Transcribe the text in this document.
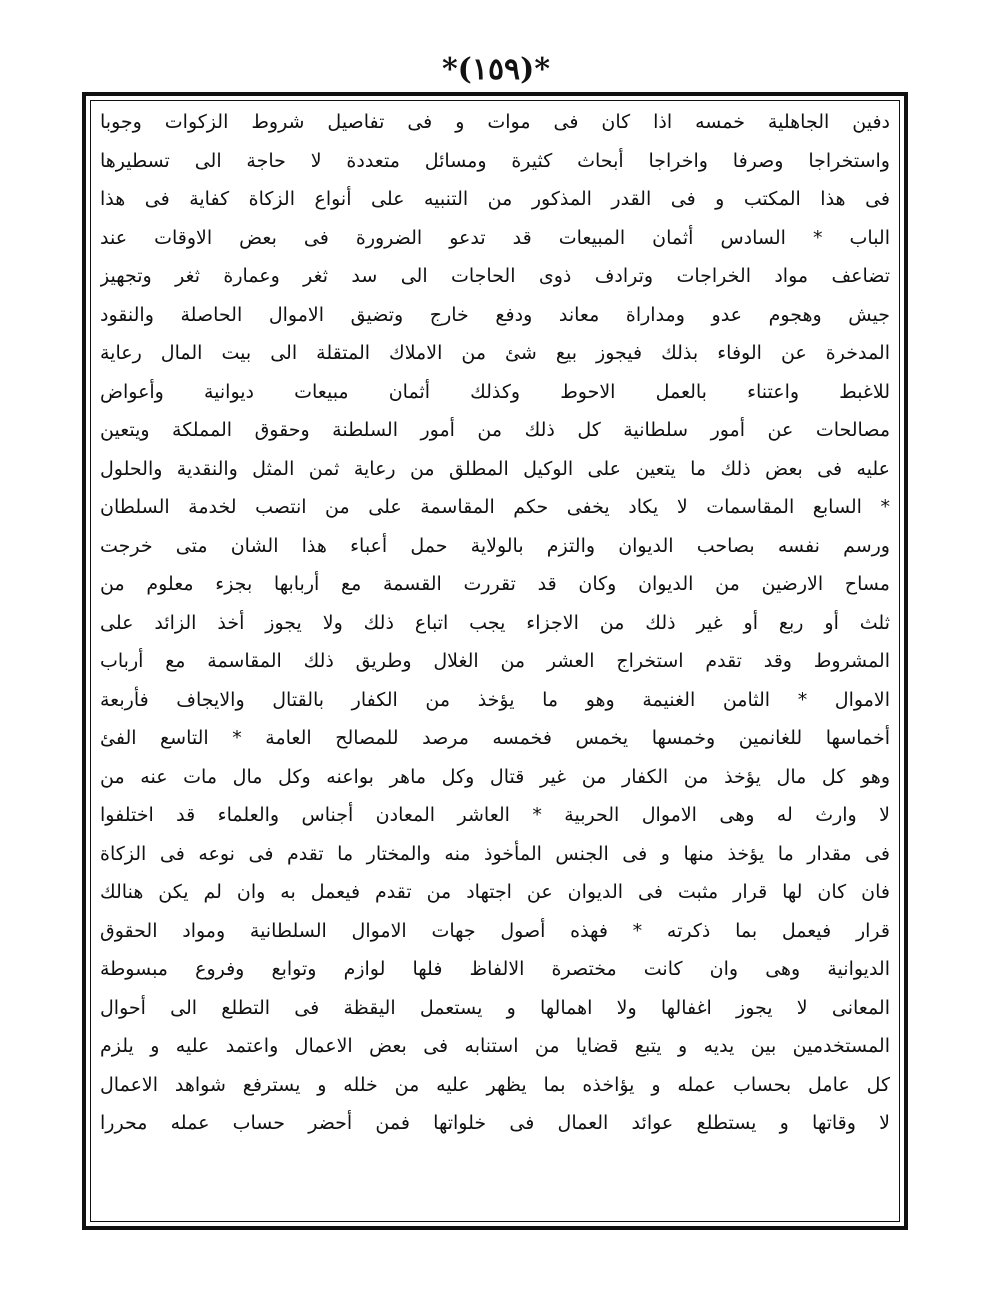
*(١٥٩)*
دفين الجاهلية خمسه اذا كان فى موات و فى تفاصيل شروط الزكوات وجوبا
واستخراجا وصرفا واخراجا أبحاث كثيرة ومسائل متعددة لا حاجة الى تسطيرها
فى هذا المكتب و فى القدر المذكور من التنبيه على أنواع الزكاة كفاية فى هذا
الباب * السادس أثمان المبيعات قد تدعو الضرورة فى بعض الاوقات عند
تضاعف مواد الخراجات وترادف ذوى الحاجات الى سد ثغر وعمارة ثغر وتجهيز
جيش وهجوم عدو ومداراة معاند ودفع خارج وتضيق الاموال الحاصلة والنقود
المدخرة عن الوفاء بذلك فيجوز بيع شئ من الاملاك المتقلة الى بيت المال رعاية
للاغبط واعتناء بالعمل الاحوط وكذلك أثمان مبيعات ديوانية وأعواض
مصالحات عن أمور سلطانية كل ذلك من أمور السلطنة وحقوق المملكة ويتعين
عليه فى بعض ذلك ما يتعين على الوكيل المطلق من رعاية ثمن المثل والنقدية والحلول
* السابع المقاسمات لا يكاد يخفى حكم المقاسمة على من انتصب لخدمة السلطان
ورسم نفسه بصاحب الديوان والتزم بالولاية حمل أعباء هذا الشان متى خرجت
مساح الارضين من الديوان وكان قد تقررت القسمة مع أربابها بجزء معلوم من
ثلث أو ربع أو غير ذلك من الاجزاء يجب اتباع ذلك ولا يجوز أخذ الزائد على
المشروط وقد تقدم استخراج العشر من الغلال وطريق ذلك المقاسمة مع أرباب
الاموال * الثامن الغنيمة وهو ما يؤخذ من الكفار بالقتال والايجاف فأربعة
أخماسها للغانمين وخمسها يخمس فخمسه مرصد للمصالح العامة * التاسع الفئ
وهو كل مال يؤخذ من الكفار من غير قتال وكل ماهر بواعنه وكل مال مات عنه من
لا وارث له وهى الاموال الحربية * العاشر المعادن أجناس والعلماء قد اختلفوا
فى مقدار ما يؤخذ منها و فى الجنس المأخوذ منه والمختار ما تقدم فى نوعه فى الزكاة
فان كان لها قرار مثبت فى الديوان عن اجتهاد من تقدم فيعمل به وان لم يكن هنالك
قرار فيعمل بما ذكرته * فهذه أصول جهات الاموال السلطانية ومواد الحقوق
الديوانية وهى وان كانت مختصرة الالفاظ فلها لوازم وتوابع وفروع مبسوطة
المعانى لا يجوز اغفالها ولا اهمالها و يستعمل اليقظة فى التطلع الى أحوال
المستخدمين بين يديه و يتبع قضايا من استنابه فى بعض الاعمال واعتمد عليه و يلزم
كل عامل بحساب عمله و يؤاخذه بما يظهر عليه من خلله و يسترفع شواهد الاعمال
لا وقاتها و يستطلع عوائد العمال فى خلواتها فمن أحضر حساب عمله محررا
